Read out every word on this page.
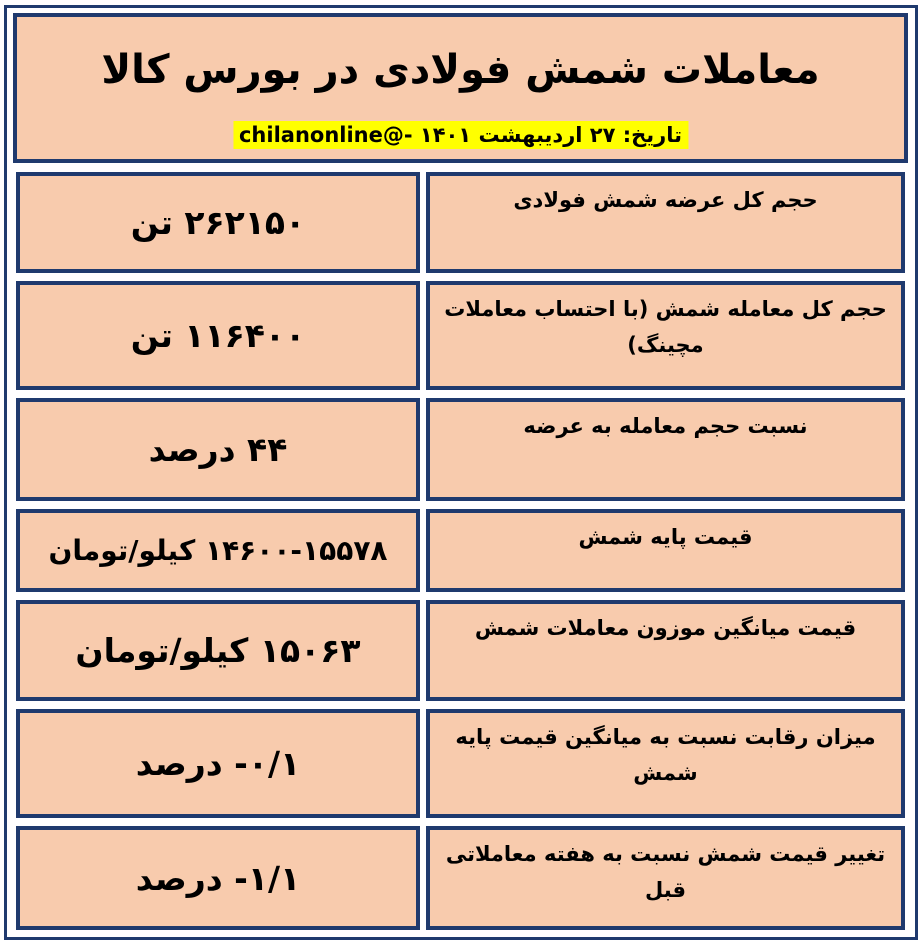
معاملات شمش فولادی در بورس کالا
تاریخ: ۲۷ اردیبهشت ۱۴۰۱ -@chilanonline
۲۶۲۱۵۰ تن
حجم کل عرضه شمش فولادی
۱۱۶۴۰۰ تن
حجم کل معامله شمش (با احتساب معاملات مچینگ)
۴۴ درصد
نسبت حجم معامله به عرضه
۱۴۶۰۰-۱۵۵۷۸ کیلو/تومان	قیمت پایه شمش
۱۵۰۶۳ کیلو/تومان
قیمت میانگین موزون معاملات شمش
۰/۱- درصد
میزان رقابت نسبت به میانگین قیمت پایه شمش
۱/۱- درصد
تغییر قیمت شمش نسبت به هفته معاملاتی قبل
